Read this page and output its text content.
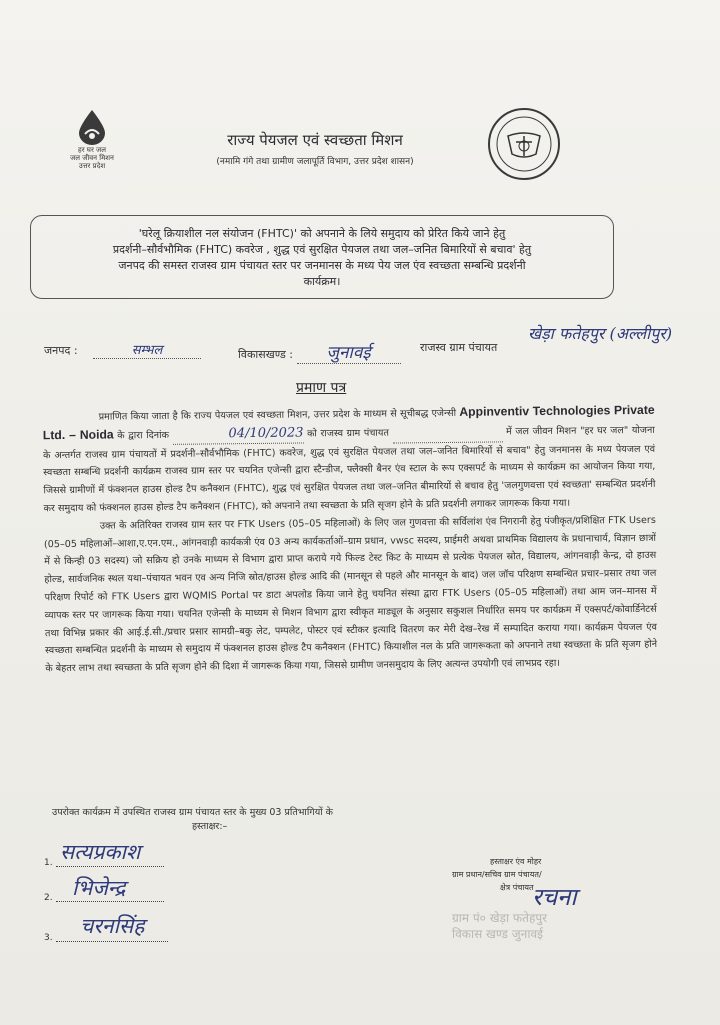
हर घर जल
जल जीवन मिशन
उत्तर प्रदेश
राज्य पेयजल एवं स्वच्छता मिशन
(नमामि गंगे तथा ग्रामीण जलापूर्ति विभाग, उत्तर प्रदेश शासन)
'घरेलू क्रियाशील नल संयोजन (FHTC)' को अपनाने के लिये समुदाय को प्रेरित किये जाने हेतु
प्रदर्शनी–सौर्वभौमिक (FHTC) कवरेज , शुद्ध एवं सुरक्षित पेयजल तथा जल–जनित बिमारियों से बचाव' हेतु
जनपद की समस्त राजस्व ग्राम पंचायत स्तर पर जनमानस के मध्य पेय जल एंव स्वच्छता सम्बन्धि प्रदर्शनी
कार्यक्रम।
जनपद :	सम्भल	विकासखण्ड : जुनावई	राजस्व ग्राम पंचायत
खेड़ा फतेहपुर (अल्लीपुर)
प्रमाण पत्र

प्रमाणित किया जाता है कि राज्य पेयजल एवं स्वच्छता मिशन, उत्तर प्रदेश के माध्यम से सूचीबद्ध एजेन्सी Appinventiv Technologies Private Ltd. – Noida के द्वारा दिनांक	04/10/2023 को राजस्व ग्राम पंचायत	में जल जीवन मिशन "हर घर जल" योजना के अन्तर्गत राजस्व ग्राम पंचायतों में प्रदर्शनी–सौर्वभौमिक (FHTC) कवरेज, शुद्ध एवं सुरक्षित पेयजल तथा जल–जनित बिमारियों से बचाव" हेतु जनमानस के मध्य पेयजल एवं स्वच्छता सम्बन्धि प्रदर्शनी कार्यक्रम राजस्व ग्राम स्तर पर चयनित एजेन्सी द्वारा स्टैन्डीज, फ्लैक्सी बैनर एंव स्टाल के रूप एक्सपर्ट के माध्यम से कार्यक्रम का आयोजन किया गया, जिससे ग्रामीणों में फंक्शनल हाउस होल्ड टैप कनैक्शन (FHTC), शुद्ध एवं सुरक्षित पेयजल तथा जल–जनित बीमारियों से बचाव हेतु 'जलगुणवत्ता एवं स्वच्छता' सम्बन्धित प्रदर्शनी कर समुदाय को फंक्शनल हाउस होल्ड टैप कनैक्शन (FHTC), को अपनाने तथा स्वच्छता के प्रति सृजग होने के प्रति प्रदर्शनी लगाकर जागरूक किया गया।

उक्त के अतिरिक्त राजस्व ग्राम स्तर पर FTK Users (05–05 महिलाओं) के लिए जल गुणवत्ता की सर्विलांश एंव निगरानी हेतु पंजीकृत/प्रशिक्षित FTK Users (05–05 महिलाओं–आशा,ए.एन.एम., आंगनवाड़ी कार्यकत्री एंव 03 अन्य कार्यकर्ताओं–ग्राम प्रधान, vwsc सदस्य, प्राईमरी अथवा प्राथमिक विद्यालय के प्रधानाचार्य, विज्ञान छात्रों में से किन्ही 03 सदस्य) जो सक्रिय हो उनके माध्यम से विभाग द्वारा प्राप्त कराये गये फिल्ड टेस्ट किट के माध्यम से प्रत्येक पेयजल स्रोत, विद्यालय, आंगनवाड़ी केन्द्र, दो हाउस होल्ड, सार्वजनिक स्थल यथा–पंचायत भवन एव अन्य निजि स्रोत/हाउस होल्ड आदि की (मानसून से पहले और मानसून के बाद) जल जॉच परिक्षण सम्बन्धित प्रचार–प्रसार तथा जल परिक्षण रिपोर्ट को FTK Users द्वारा WQMIS Portal पर डाटा अपलोड किया जाने हेतु चयनित संस्था द्वारा FTK Users (05–05 महिलाओं) तथा आम जन–मानस में व्यापक स्तर पर जागरूक किया गया। चयनित एजेन्सी के माध्यम से मिशन विभाग द्वारा स्वीकृत माड्यूल के अनुसार सकुशल निर्धारित समय पर कार्यक्रम में एक्सपर्ट/कोवार्डिनेटर्स तथा विभिन्न प्रकार की आई.ई.सी./प्रचार प्रसार सामग्री–बकु लेट, पम्पलेट, पोस्टर एवं स्टीकर इत्यादि वितरण कर मेरी देख–रेख में सम्पादित कराया गया। कार्यक्रम पेयजल एंव स्वच्छता सम्बन्धित प्रदर्शनी के माध्यम से समुदाय में फंक्शनल हाउस होल्ड टैप कनैक्शन (FHTC) कियाशील नल के प्रति जागरूकता को अपनाने तथा स्वच्छता के प्रति सृजग होने के बेहतर लाभ तथा स्वच्छता के प्रति सृजग होने की दिशा में जागरूक किया गया, जिससे ग्रामीण जनसमुदाय के लिए अत्यन्त उपयोगी एवं लाभप्रद रहा।

उपरोक्त कार्यक्रम में उपस्थित राजस्व ग्राम पंचायत स्तर के मुख्य 03 प्रतिभागियों के
हस्ताक्षर:–
1. सत्यप्रकाश
2. भिजेन्द्र
3. चरनसिंह
हस्ताक्षर एंव मोहर
ग्राम प्रधान/सचिव ग्राम पंचायत/
क्षेत्र पंचायत
रचना
ग्राम पं० खेड़ा फतेहपुर
विकास खण्ड जुनावई
